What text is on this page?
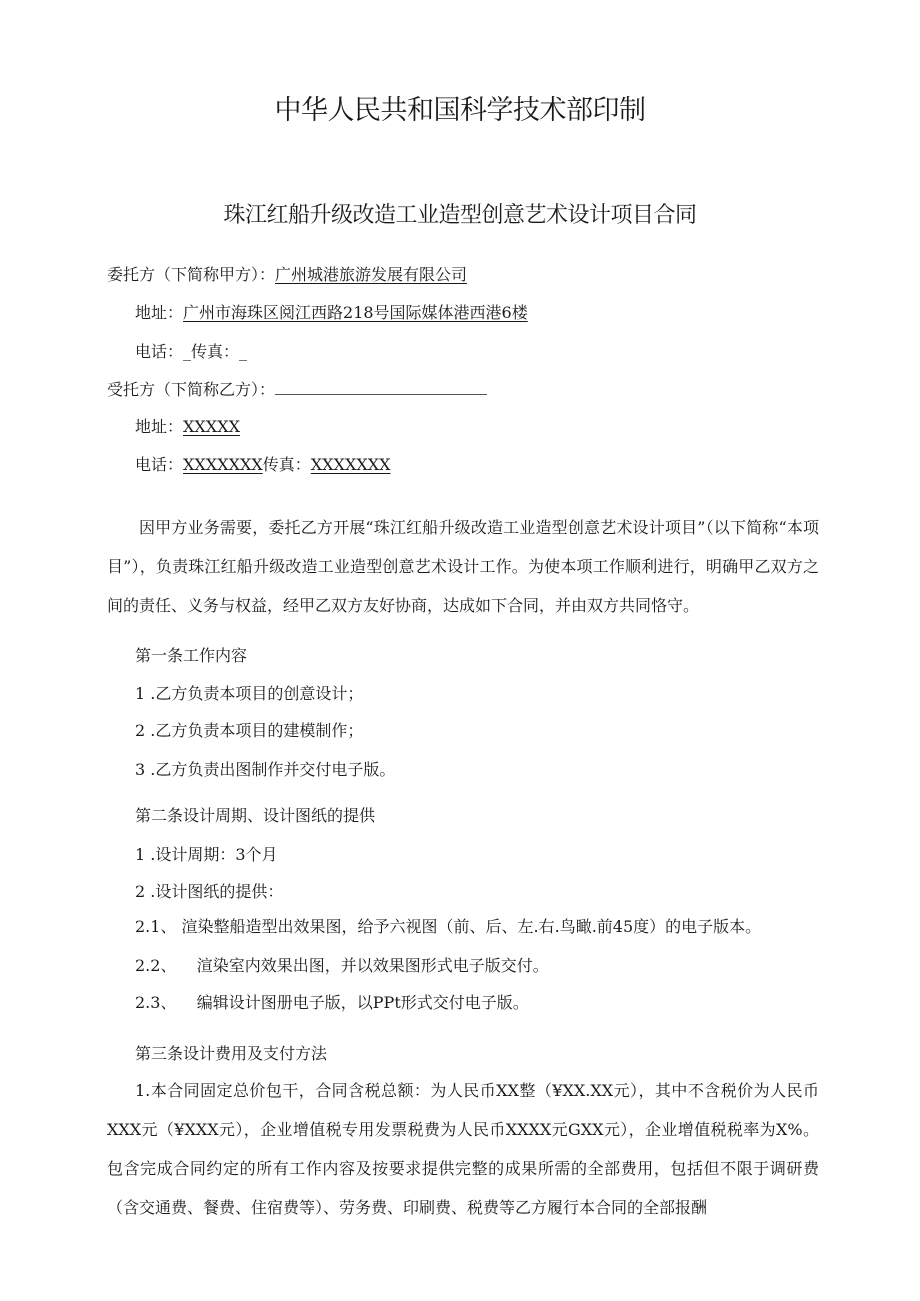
中华人民共和国科学技术部印制
珠江红船升级改造工业造型创意艺术设计项目合同
委托方（下简称甲方）：广州城港旅游发展有限公司
地址：广州市海珠区阅江西路218号国际媒体港西港6楼
电话：_传真：_
受托方（下简称乙方）：
地址：XXXXX
电话：XXXXXXX传真：XXXXXXX
因甲方业务需要，委托乙方开展“珠江红船升级改造工业造型创意艺术设计项目”（以下简称“本项目”），负责珠江红船升级改造工业造型创意艺术设计工作。为使本项工作顺利进行，明确甲乙双方之间的责任、义务与权益，经甲乙双方友好协商，达成如下合同，并由双方共同恪守。
第一条工作内容
1 .乙方负责本项目的创意设计；
2 .乙方负责本项目的建模制作；
3 .乙方负责出图制作并交付电子版。
第二条设计周期、设计图纸的提供
1 .设计周期：3个月
2 .设计图纸的提供：
2.1、 渲染整船造型出效果图，给予六视图（前、后、左.右.鸟瞰.前45度）的电子版本。
2.2、    渲染室内效果出图，并以效果图形式电子版交付。
2.3、    编辑设计图册电子版，以PPt形式交付电子版。
第三条设计费用及支付方法
1.本合同固定总价包干，合同含税总额：为人民币XX整（¥XX.XX元），其中不含税价为人民币XXX元（¥XXX元），企业增值税专用发票税费为人民币XXXX元GXX元），企业增值税税率为X%。包含完成合同约定的所有工作内容及按要求提供完整的成果所需的全部费用，包括但不限于调研费（含交通费、餐费、住宿费等）、劳务费、印刷费、税费等乙方履行本合同的全部报酬
